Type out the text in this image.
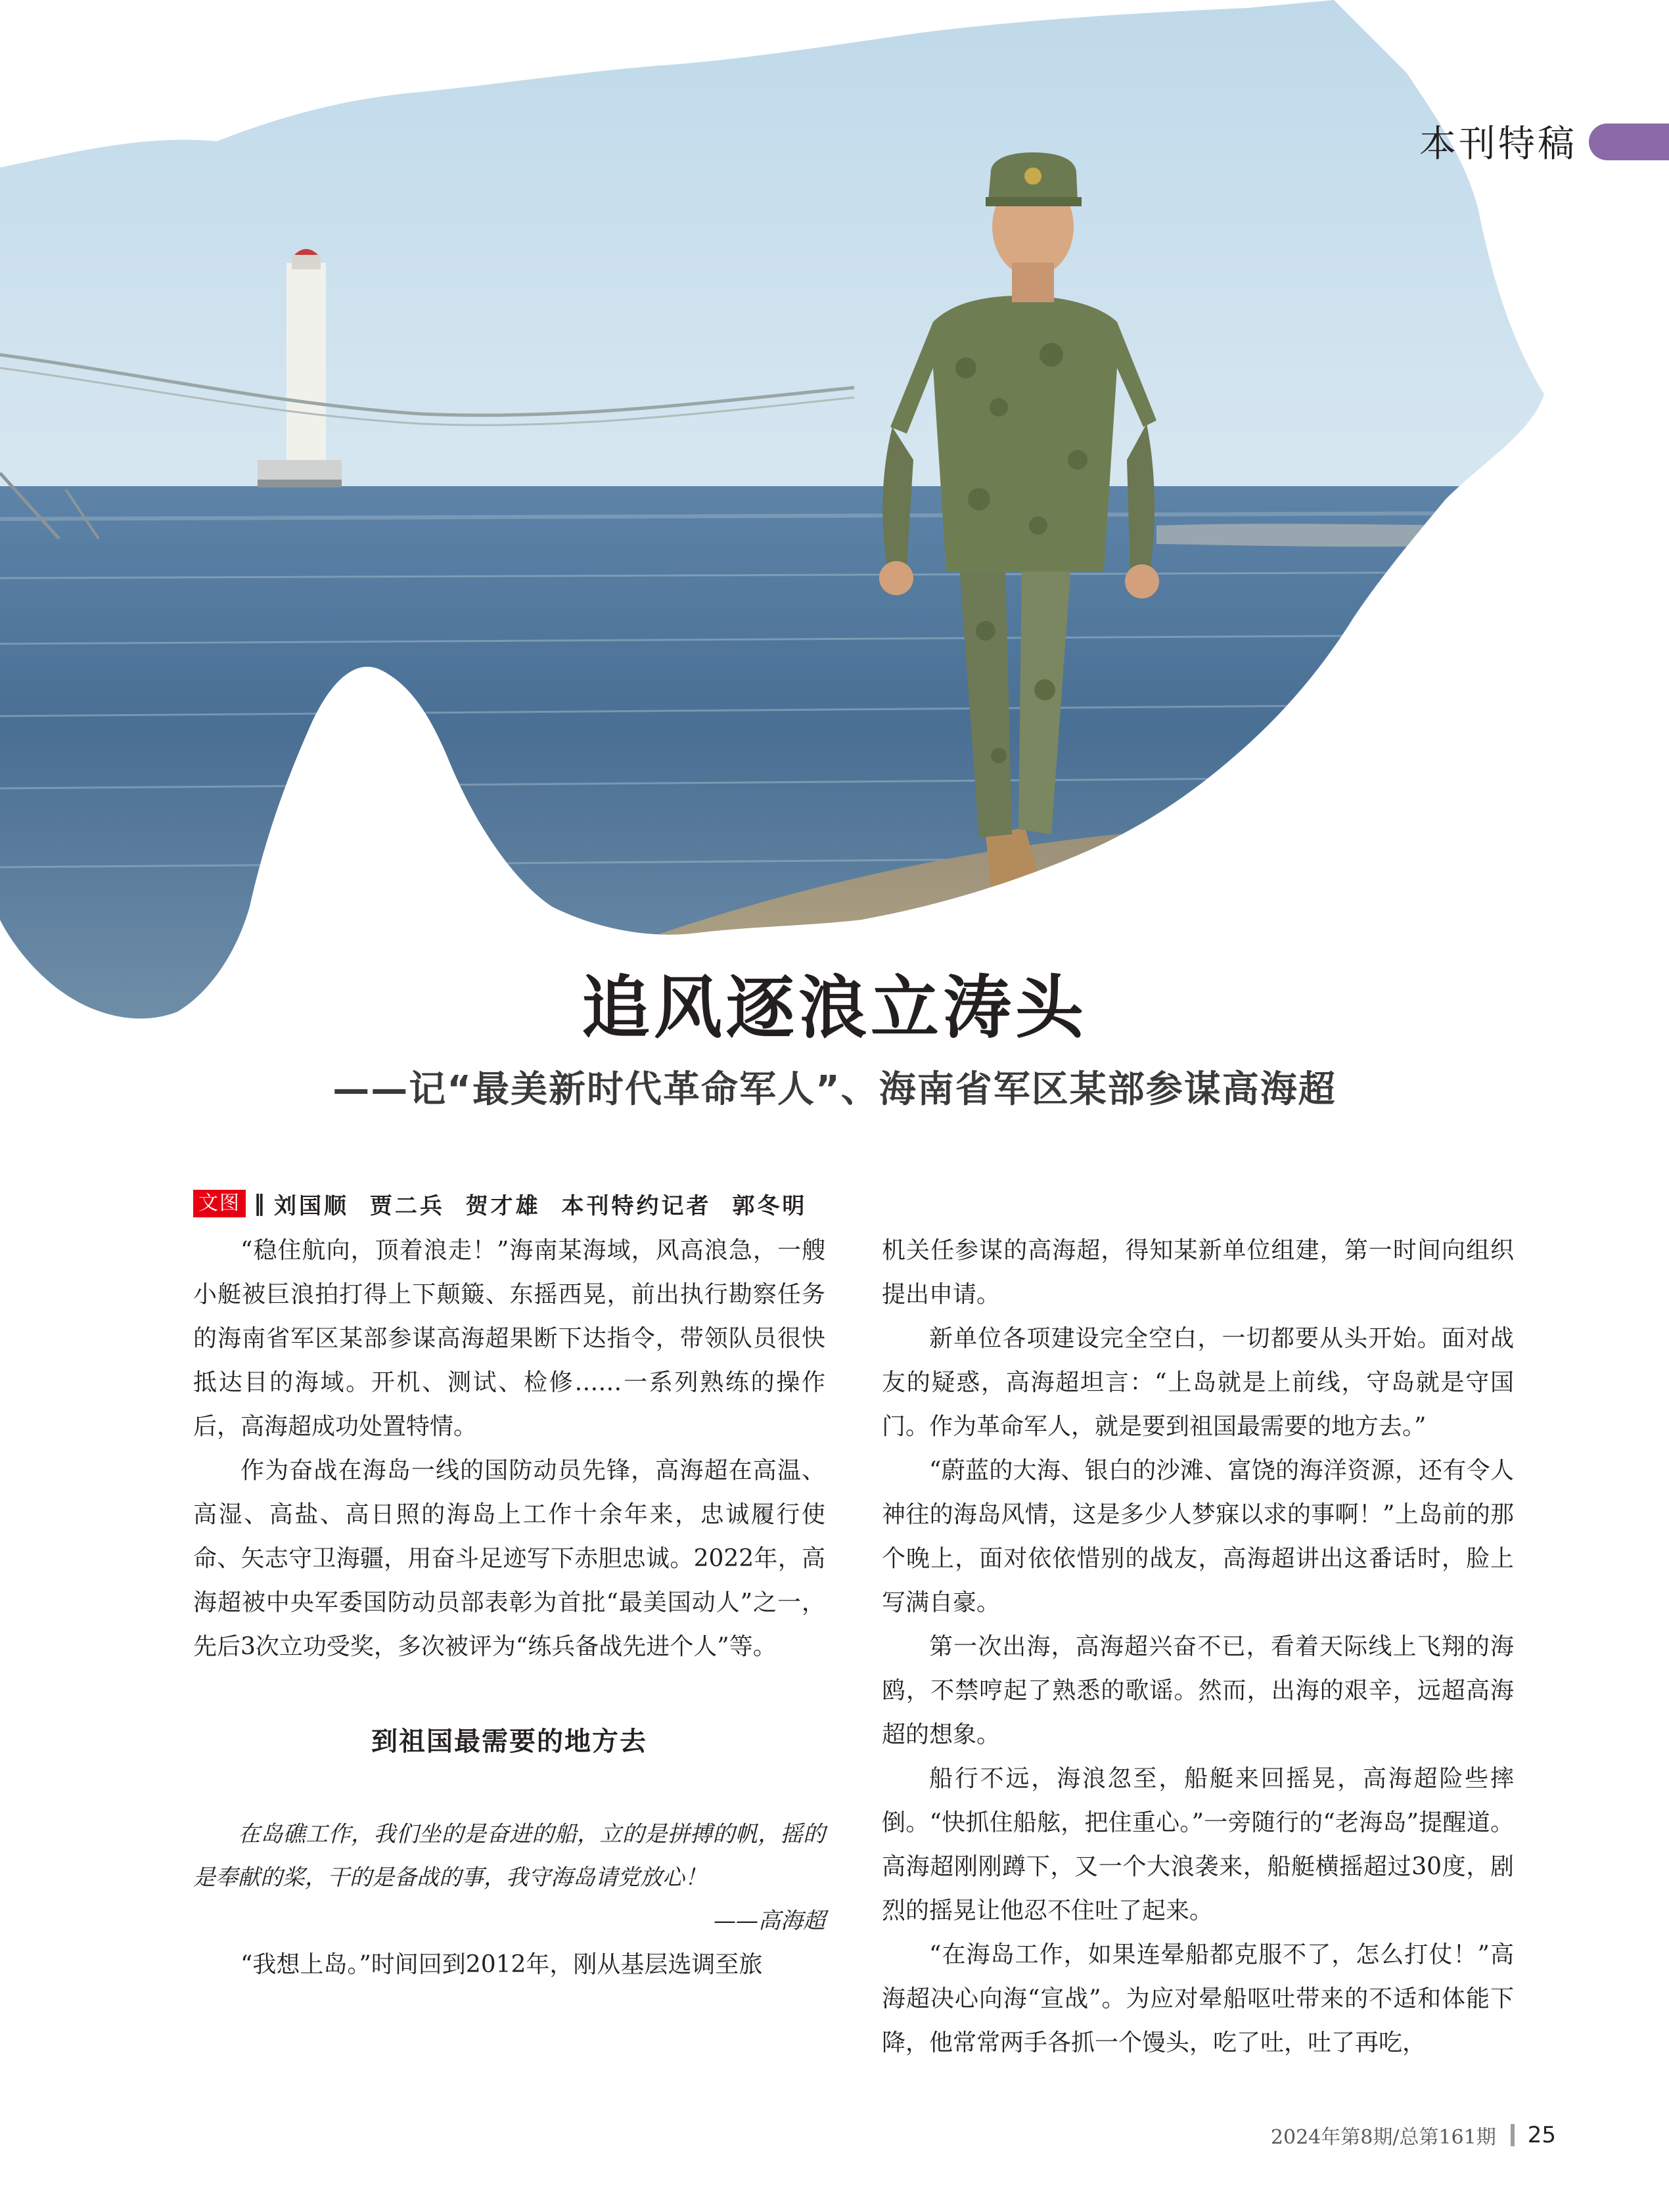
本刊特稿
追风逐浪立涛头
——记“最美新时代革命军人”、海南省军区某部参谋高海超
文图 ‖ 刘国顺 贾二兵 贺才雄 本刊特约记者 郭冬明

“稳住航向，顶着浪走！”海南某海域，风高浪急，一艘小艇被巨浪拍打得上下颠簸、东摇西晃，前出执行勘察任务的海南省军区某部参谋高海超果断下达指令，带领队员很快抵达目的海域。开机、测试、检修……一系列熟练的操作后，高海超成功处置特情。

作为奋战在海岛一线的国防动员先锋，高海超在高温、高湿、高盐、高日照的海岛上工作十余年来，忠诚履行使命、矢志守卫海疆，用奋斗足迹写下赤胆忠诚。2022年，高海超被中央军委国防动员部表彰为首批“最美国动人”之一，先后3次立功受奖，多次被评为“练兵备战先进个人”等。

到祖国最需要的地方去

在岛礁工作，我们坐的是奋进的船，立的是拼搏的帆，摇的是奉献的桨，干的是备战的事，我守海岛请党放心！

——高海超

“我想上岛。”时间回到2012年，刚从基层选调至旅

机关任参谋的高海超，得知某新单位组建，第一时间向组织提出申请。

新单位各项建设完全空白，一切都要从头开始。面对战友的疑惑，高海超坦言：“上岛就是上前线，守岛就是守国门。作为革命军人，就是要到祖国最需要的地方去。”

“蔚蓝的大海、银白的沙滩、富饶的海洋资源，还有令人神往的海岛风情，这是多少人梦寐以求的事啊！”上岛前的那个晚上，面对依依惜别的战友，高海超讲出这番话时，脸上写满自豪。

第一次出海，高海超兴奋不已，看着天际线上飞翔的海鸥，不禁哼起了熟悉的歌谣。然而，出海的艰辛，远超高海超的想象。

船行不远，海浪忽至，船艇来回摇晃，高海超险些摔倒。“快抓住船舷，把住重心。”一旁随行的“老海岛”提醒道。高海超刚刚蹲下，又一个大浪袭来，船艇横摇超过30度，剧烈的摇晃让他忍不住吐了起来。

“在海岛工作，如果连晕船都克服不了，怎么打仗！”高海超决心向海“宣战”。为应对晕船呕吐带来的不适和体能下降，他常常两手各抓一个馒头，吃了吐，吐了再吃，

2024年第8期/总第161期 25
